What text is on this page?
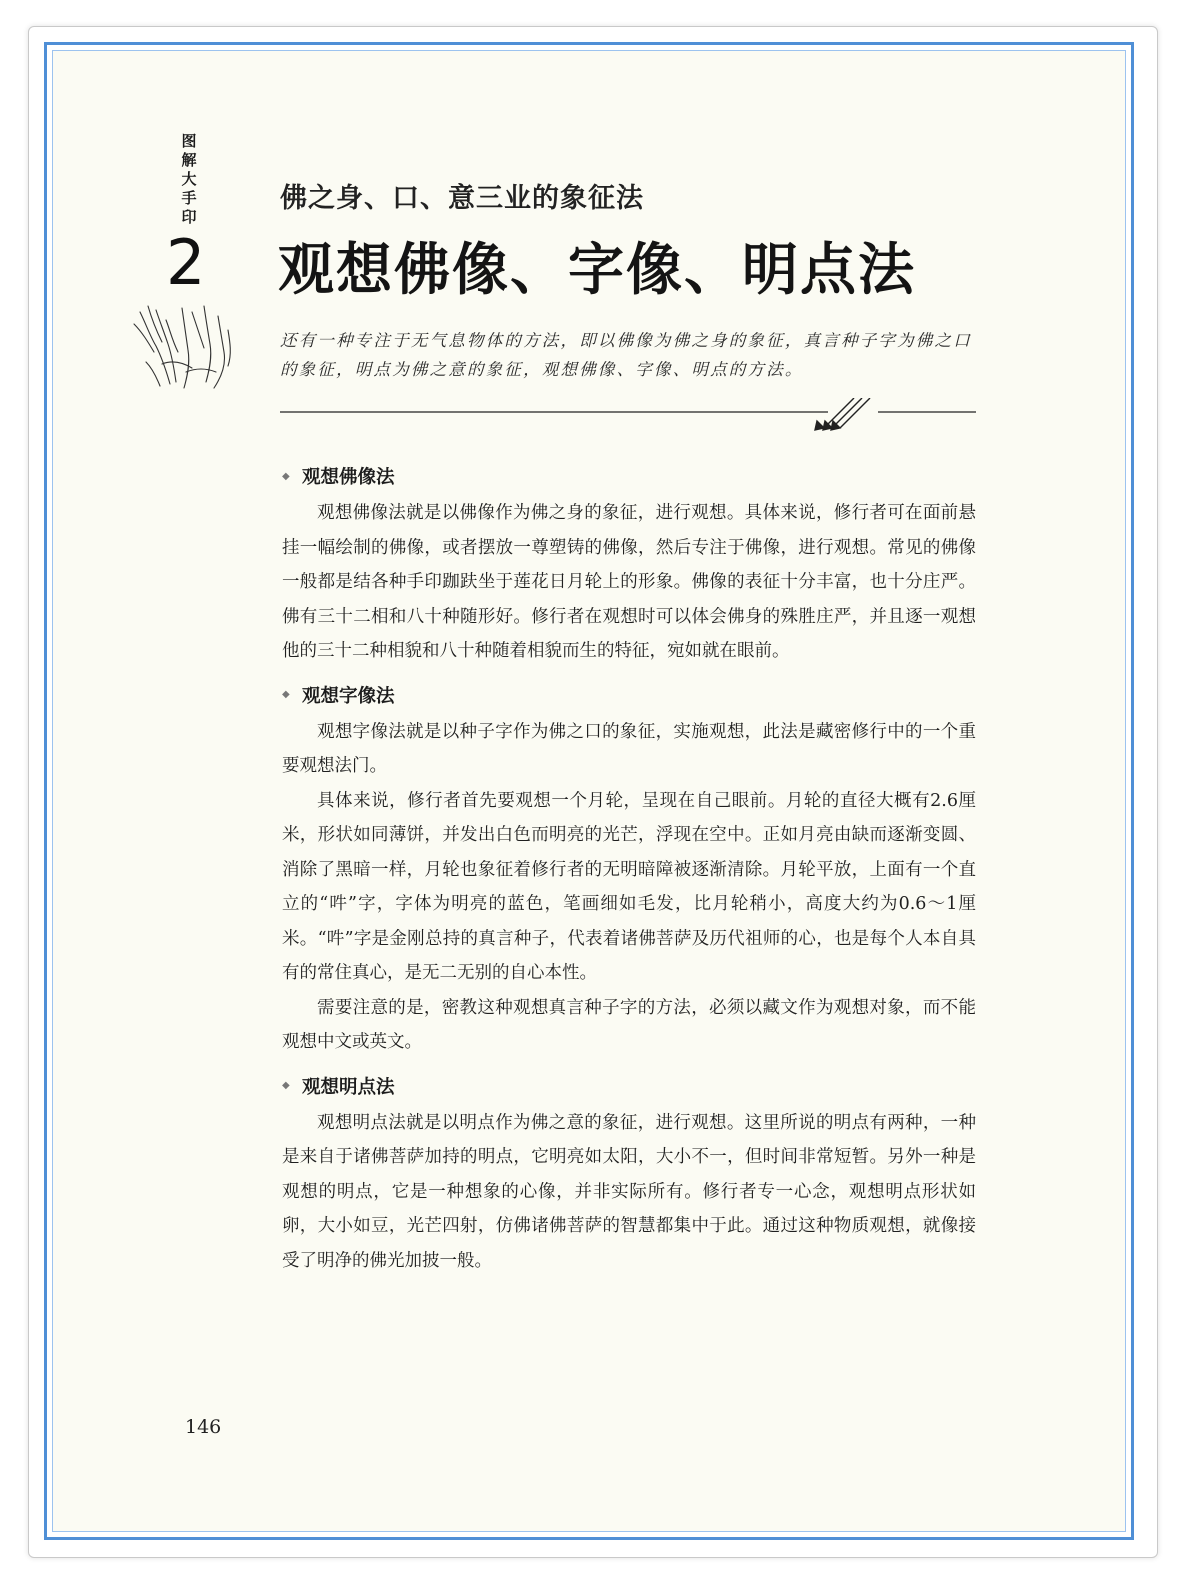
图解大手印
2
佛之身、口、意三业的象征法
观想佛像、字像、明点法
还有一种专注于无气息物体的方法，即以佛像为佛之身的象征，真言种子字为佛之口的象征，明点为佛之意的象征，观想佛像、字像、明点的方法。
◆ 观想佛像法

观想佛像法就是以佛像作为佛之身的象征，进行观想。具体来说，修行者可在面前悬挂一幅绘制的佛像，或者摆放一尊塑铸的佛像，然后专注于佛像，进行观想。常见的佛像一般都是结各种手印跏趺坐于莲花日月轮上的形象。佛像的表征十分丰富，也十分庄严。佛有三十二相和八十种随形好。修行者在观想时可以体会佛身的殊胜庄严，并且逐一观想他的三十二种相貌和八十种随着相貌而生的特征，宛如就在眼前。

◆ 观想字像法

观想字像法就是以种子字作为佛之口的象征，实施观想，此法是藏密修行中的一个重要观想法门。

具体来说，修行者首先要观想一个月轮，呈现在自己眼前。月轮的直径大概有2.6厘米，形状如同薄饼，并发出白色而明亮的光芒，浮现在空中。正如月亮由缺而逐渐变圆、消除了黑暗一样，月轮也象征着修行者的无明暗障被逐渐清除。月轮平放，上面有一个直立的“吽”字，字体为明亮的蓝色，笔画细如毛发，比月轮稍小，高度大约为0.6～1厘米。“吽”字是金刚总持的真言种子，代表着诸佛菩萨及历代祖师的心，也是每个人本自具有的常住真心，是无二无别的自心本性。

需要注意的是，密教这种观想真言种子字的方法，必须以藏文作为观想对象，而不能观想中文或英文。

◆ 观想明点法

观想明点法就是以明点作为佛之意的象征，进行观想。这里所说的明点有两种，一种是来自于诸佛菩萨加持的明点，它明亮如太阳，大小不一，但时间非常短暂。另外一种是观想的明点，它是一种想象的心像，并非实际所有。修行者专一心念，观想明点形状如卵，大小如豆，光芒四射，仿佛诸佛菩萨的智慧都集中于此。通过这种物质观想，就像接受了明净的佛光加披一般。

146
